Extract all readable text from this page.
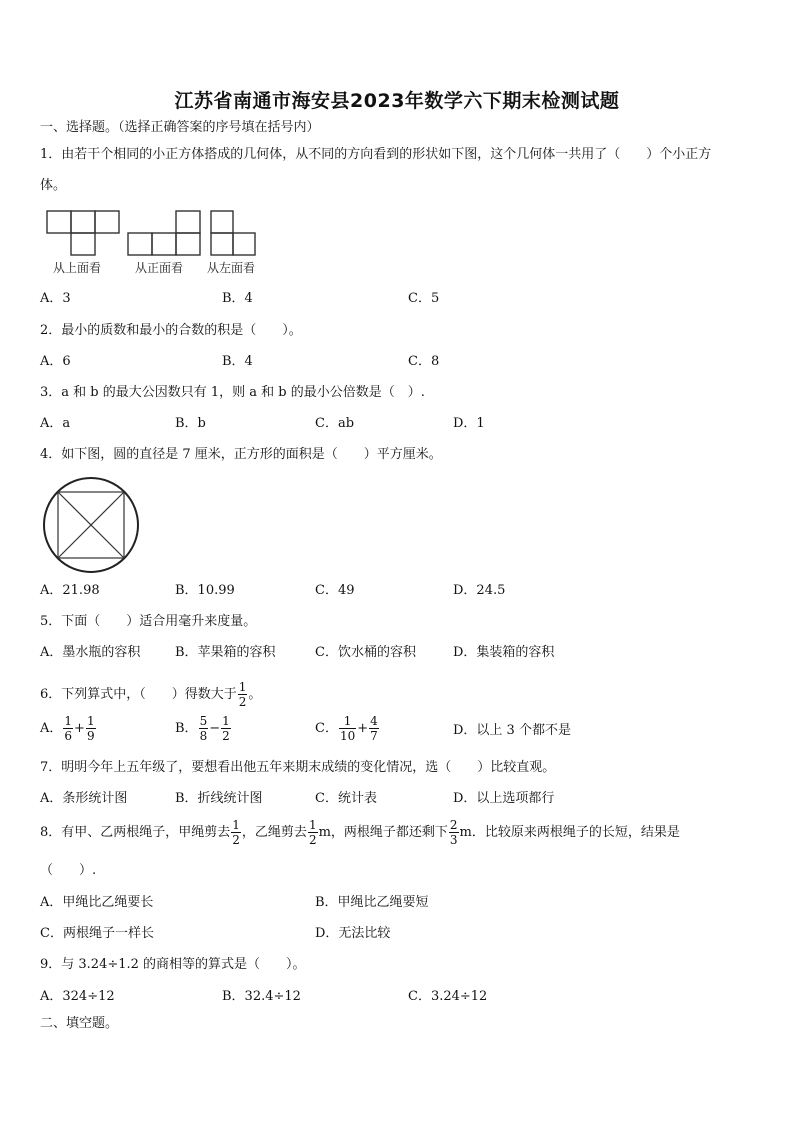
江苏省南通市海安县2023年数学六下期末检测试题
一、选择题。（选择正确答案的序号填在括号内）
1．由若干个相同的小正方体搭成的几何体，从不同的方向看到的形状如下图，这个几何体一共用了（　　）个小正方
体。
从上面看	从正面看 从左面看
A．3	B．4	C．5
2．最小的质数和最小的合数的积是（　　）。
A．6	B．4	C．8
3．a 和 b 的最大公因数只有 1，则 a 和 b 的最小公倍数是（　）.
A．a	B．b	C．ab	D．1
4．如下图，圆的直径是 7 厘米，正方形的面积是（　　）平方厘米。
A．21.98	B．10.99	C．49	D．24.5
5．下面（　　）适合用毫升来度量。
A．墨水瓶的容积	B．苹果箱的容积	C．饮水桶的容积	D．集装箱的容积
6．下列算式中，（　　）得数大于 $\frac{1}{2}$ 。
A． $\frac{1}{6} + \frac{1}{9}$	B． $\frac{5}{8} - \frac{1}{2}$	C． $\frac{1}{10} + \frac{4}{7}$	D．以上 3 个都不是
7．明明今年上五年级了，要想看出他五年来期末成绩的变化情况，选（　　）比较直观。
A．条形统计图	B．折线统计图	C．统计表	D．以上选项都行
8．有甲、乙两根绳子，甲绳剪去 $\frac{1}{2}$ ，乙绳剪去 $\frac{1}{2}$ m，两根绳子都还剩下 $\frac{2}{3}$ m．比较原来两根绳子的长短，结果是
（　　）.
A．甲绳比乙绳要长	B．甲绳比乙绳要短
C．两根绳子一样长	D．无法比较
9．与 3.24÷1.2 的商相等的算式是（　　）。
A．324÷12	B．32.4÷12	C．3.24÷12
二、填空题。
